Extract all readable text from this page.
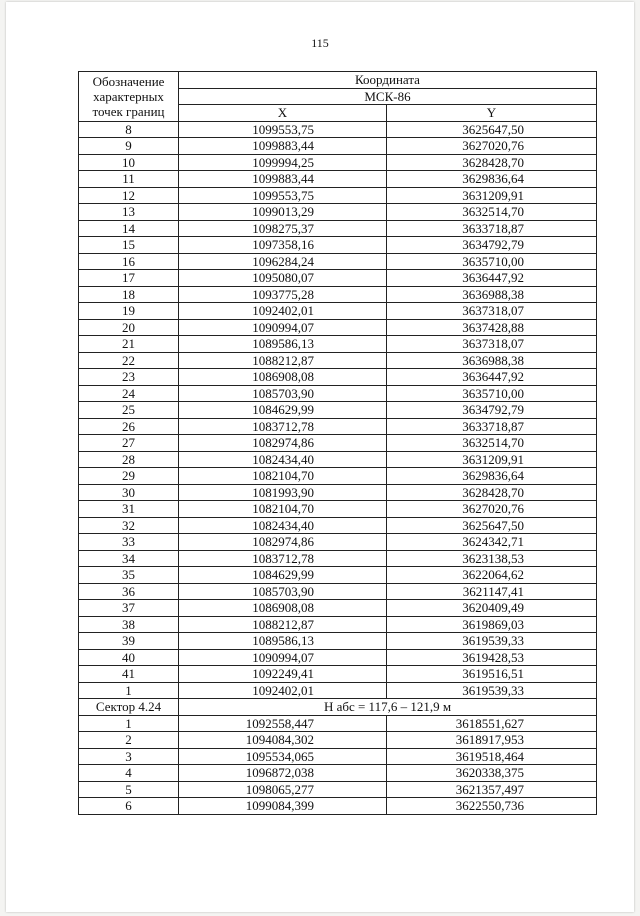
115
Обозначение характерных точек границ	Координата	
	МСК-86	
	X	Y
8	1099553,75	3625647,50
9	1099883,44	3627020,76
10	1099994,25	3628428,70
11	1099883,44	3629836,64
12	1099553,75	3631209,91
13	1099013,29	3632514,70
14	1098275,37	3633718,87
15	1097358,16	3634792,79
16	1096284,24	3635710,00
17	1095080,07	3636447,92
18	1093775,28	3636988,38
19	1092402,01	3637318,07
20	1090994,07	3637428,88
21	1089586,13	3637318,07
22	1088212,87	3636988,38
23	1086908,08	3636447,92
24	1085703,90	3635710,00
25	1084629,99	3634792,79
26	1083712,78	3633718,87
27	1082974,86	3632514,70
28	1082434,40	3631209,91
29	1082104,70	3629836,64
30	1081993,90	3628428,70
31	1082104,70	3627020,76
32	1082434,40	3625647,50
33	1082974,86	3624342,71
34	1083712,78	3623138,53
35	1084629,99	3622064,62
36	1085703,90	3621147,41
37	1086908,08	3620409,49
38	1088212,87	3619869,03
39	1089586,13	3619539,33
40	1090994,07	3619428,53
41	1092249,41	3619516,51
1	1092402,01	3619539,33
Сектор 4.24	H абс = 117,6 – 121,9 м	
1	1092558,447	3618551,627
2	1094084,302	3618917,953
3	1095534,065	3619518,464
4	1096872,038	3620338,375
5	1098065,277	3621357,497
6	1099084,399	3622550,736
